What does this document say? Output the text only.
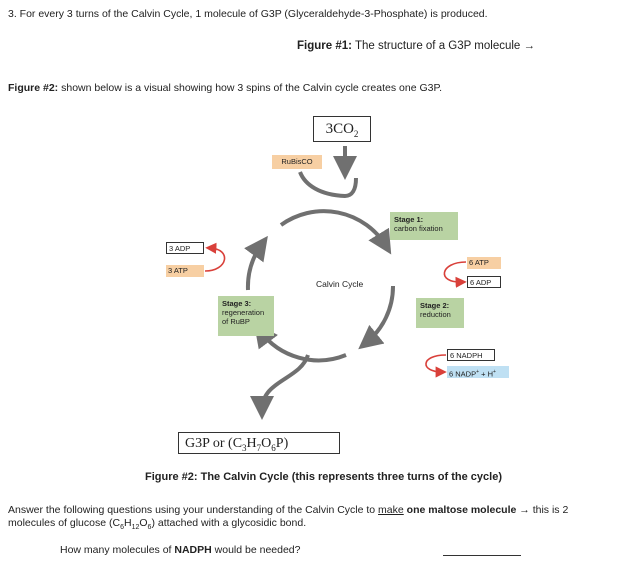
3. For every 3 turns of the Calvin Cycle, 1 molecule of G3P (Glyceraldehyde-3-Phosphate) is produced.
Figure #1: The structure of a G3P molecule →
Figure #2: shown below is a visual showing how 3 spins of the Calvin cycle creates one G3P.
$3CO_2$
RuBisCO
Stage 1:
carbon fixation
Stage 2:
reduction
Stage 3:
regeneration
of RuBP
Calvin Cycle
3 ADP
3 ATP
6 ATP
6 ADP
6 NADPH
6 NADP+ + H+
G3P or $(C_3H_7O_6P)$
Figure #2: The Calvin Cycle (this represents three turns of the cycle)
Answer the following questions using your understanding of the Calvin Cycle to make one maltose molecule → this is 2
molecules of glucose $(C_6H_{12}O_6)$ attached with a glycosidic bond.
How many molecules of NADPH would be needed?
